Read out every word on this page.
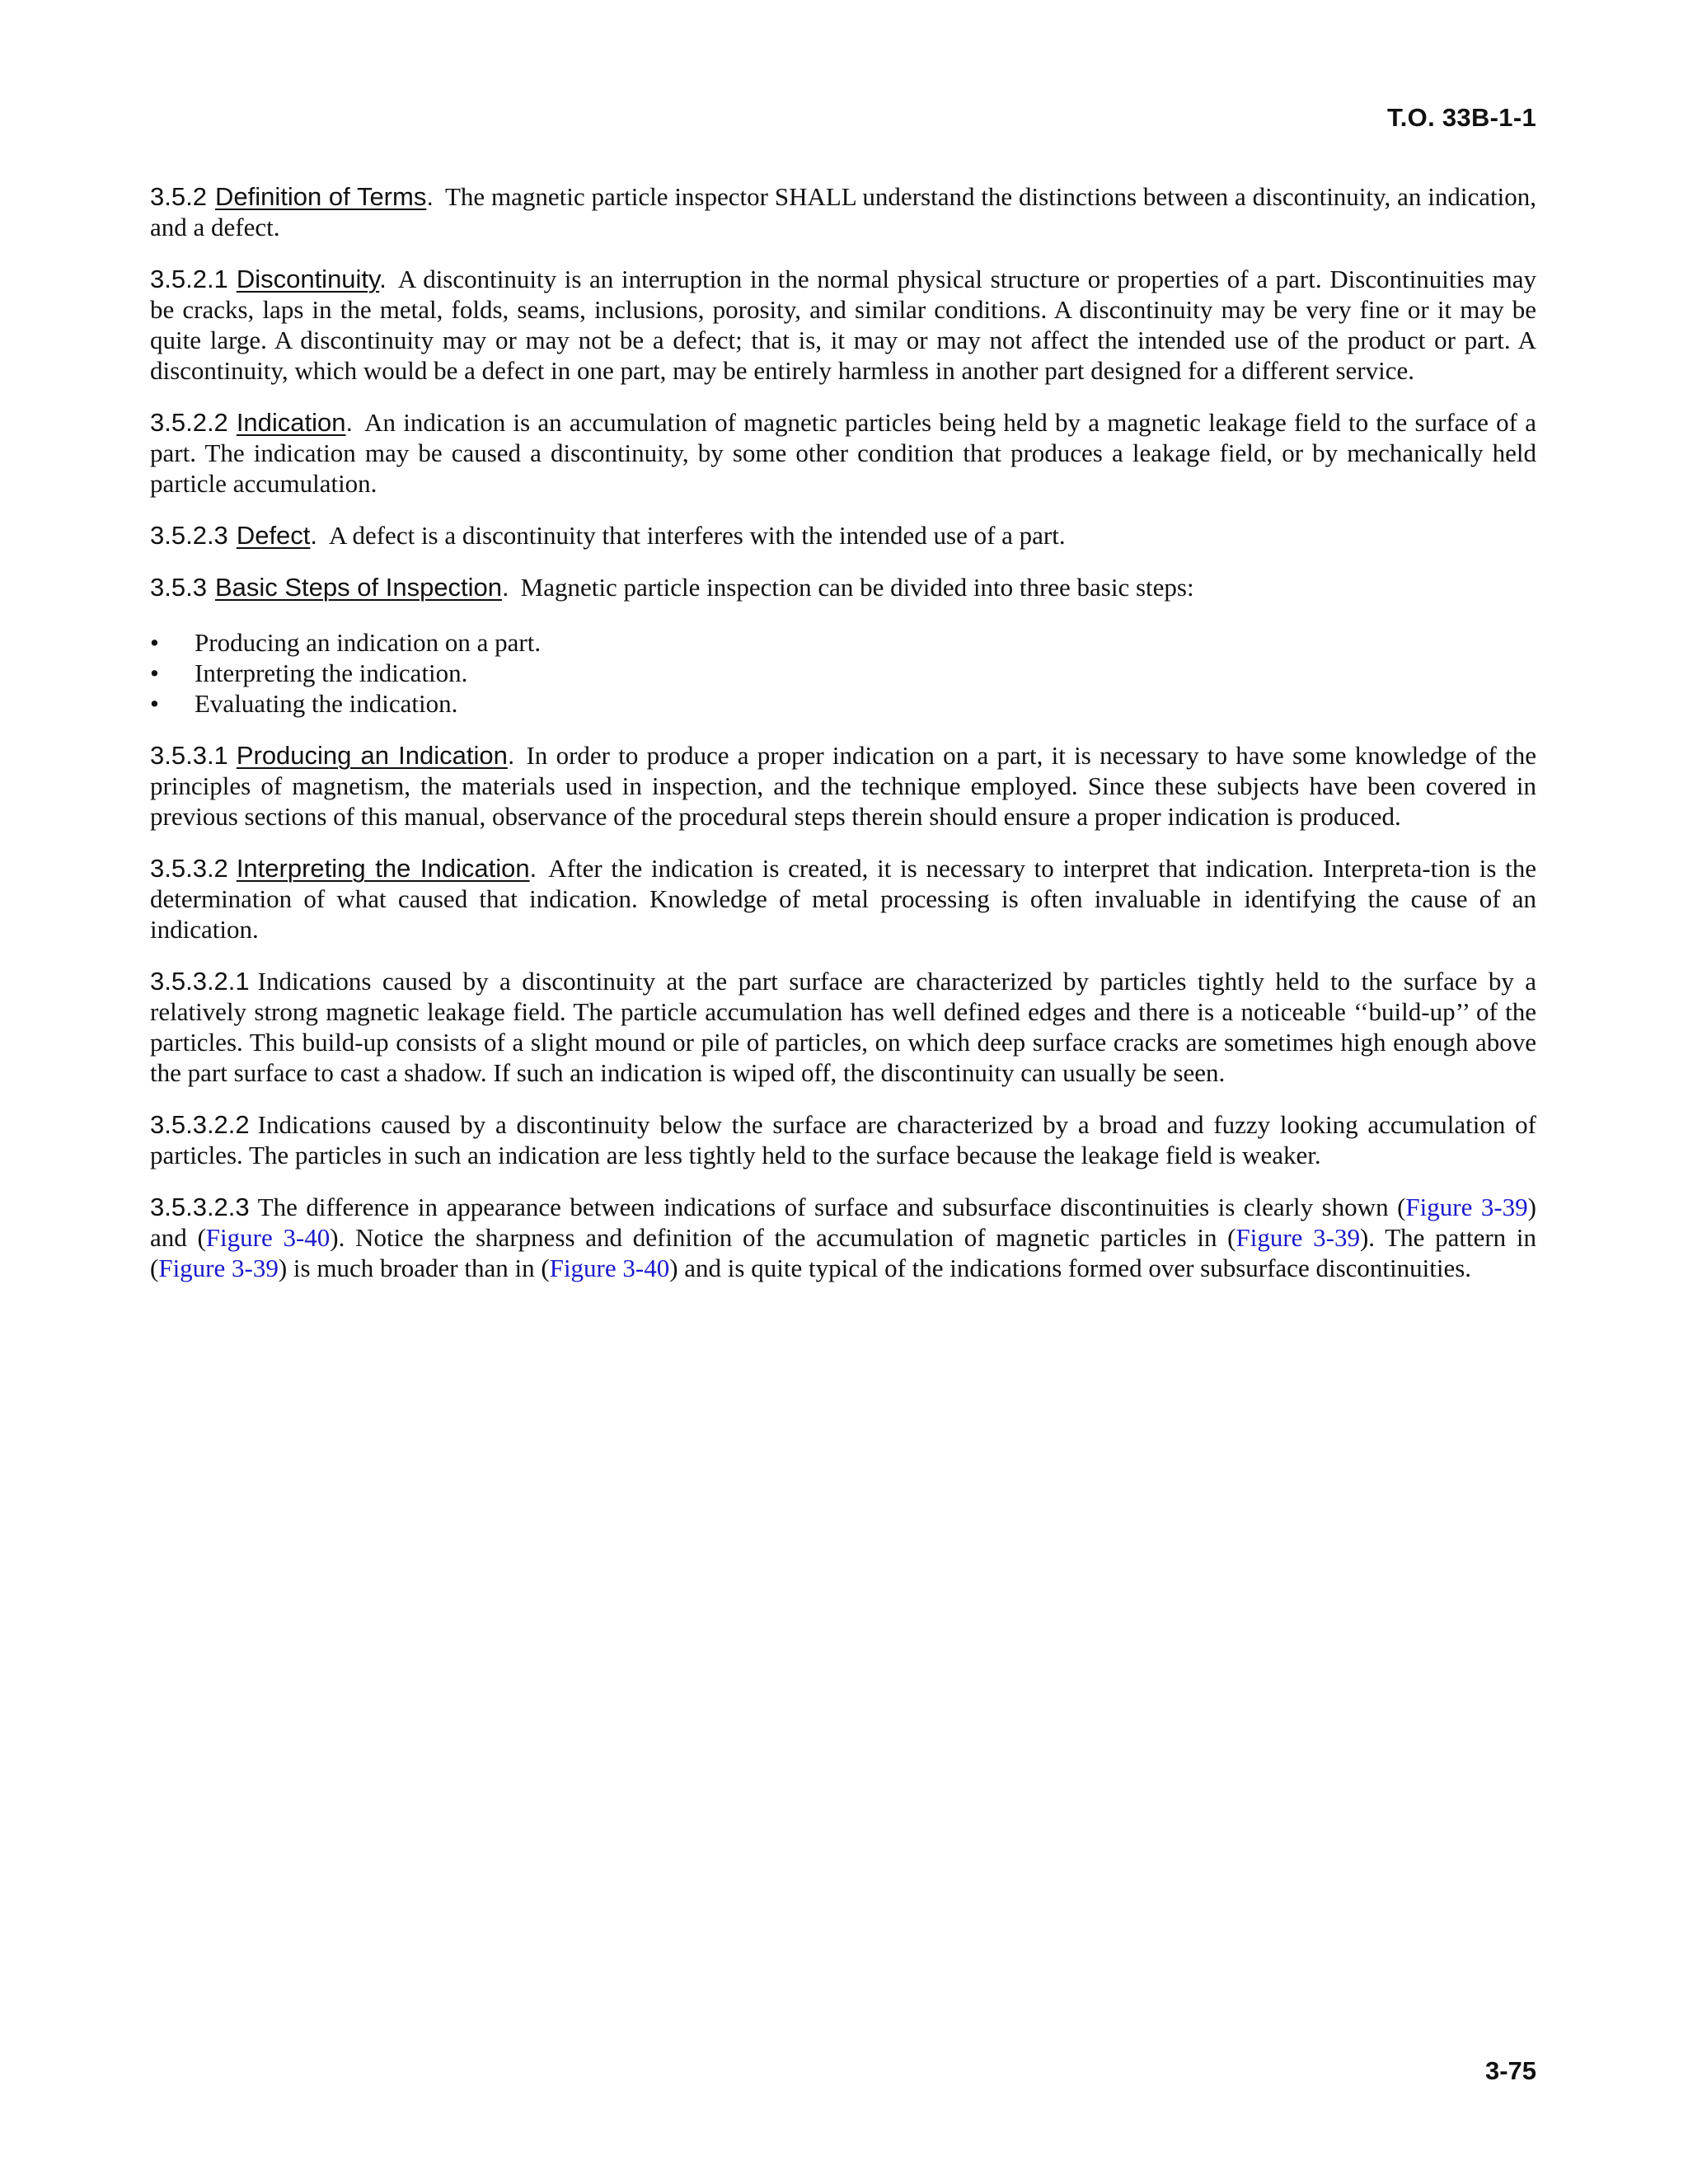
T.O. 33B-1-1

3.5.2 Definition of Terms. The magnetic particle inspector SHALL understand the distinctions between a discontinuity, an indication, and a defect.

3.5.2.1 Discontinuity. A discontinuity is an interruption in the normal physical structure or properties of a part. Discontinuities may be cracks, laps in the metal, folds, seams, inclusions, porosity, and similar conditions. A discontinuity may be very fine or it may be quite large. A discontinuity may or may not be a defect; that is, it may or may not affect the intended use of the product or part. A discontinuity, which would be a defect in one part, may be entirely harmless in another part designed for a different service.

3.5.2.2 Indication. An indication is an accumulation of magnetic particles being held by a magnetic leakage field to the surface of a part. The indication may be caused a discontinuity, by some other condition that produces a leakage field, or by mechanically held particle accumulation.

3.5.2.3 Defect. A defect is a discontinuity that interferes with the intended use of a part.

3.5.3 Basic Steps of Inspection. Magnetic particle inspection can be divided into three basic steps:

• Producing an indication on a part.
• Interpreting the indication.
• Evaluating the indication.

3.5.3.1 Producing an Indication. In order to produce a proper indication on a part, it is necessary to have some knowledge of the principles of magnetism, the materials used in inspection, and the technique employed. Since these subjects have been covered in previous sections of this manual, observance of the procedural steps therein should ensure a proper indication is produced.

3.5.3.2 Interpreting the Indication. After the indication is created, it is necessary to interpret that indication. Interpreta-tion is the determination of what caused that indication. Knowledge of metal processing is often invaluable in identifying the cause of an indication.

3.5.3.2.1 Indications caused by a discontinuity at the part surface are characterized by particles tightly held to the surface by a relatively strong magnetic leakage field. The particle accumulation has well defined edges and there is a noticeable ‘‘build-up’’ of the particles. This build-up consists of a slight mound or pile of particles, on which deep surface cracks are sometimes high enough above the part surface to cast a shadow. If such an indication is wiped off, the discontinuity can usually be seen.

3.5.3.2.2 Indications caused by a discontinuity below the surface are characterized by a broad and fuzzy looking accumulation of particles. The particles in such an indication are less tightly held to the surface because the leakage field is weaker.

3.5.3.2.3 The difference in appearance between indications of surface and subsurface discontinuities is clearly shown (Figure 3-39) and (Figure 3-40). Notice the sharpness and definition of the accumulation of magnetic particles in (Figure 3-39). The pattern in (Figure 3-39) is much broader than in (Figure 3-40) and is quite typical of the indications formed over subsurface discontinuities.

3-75
